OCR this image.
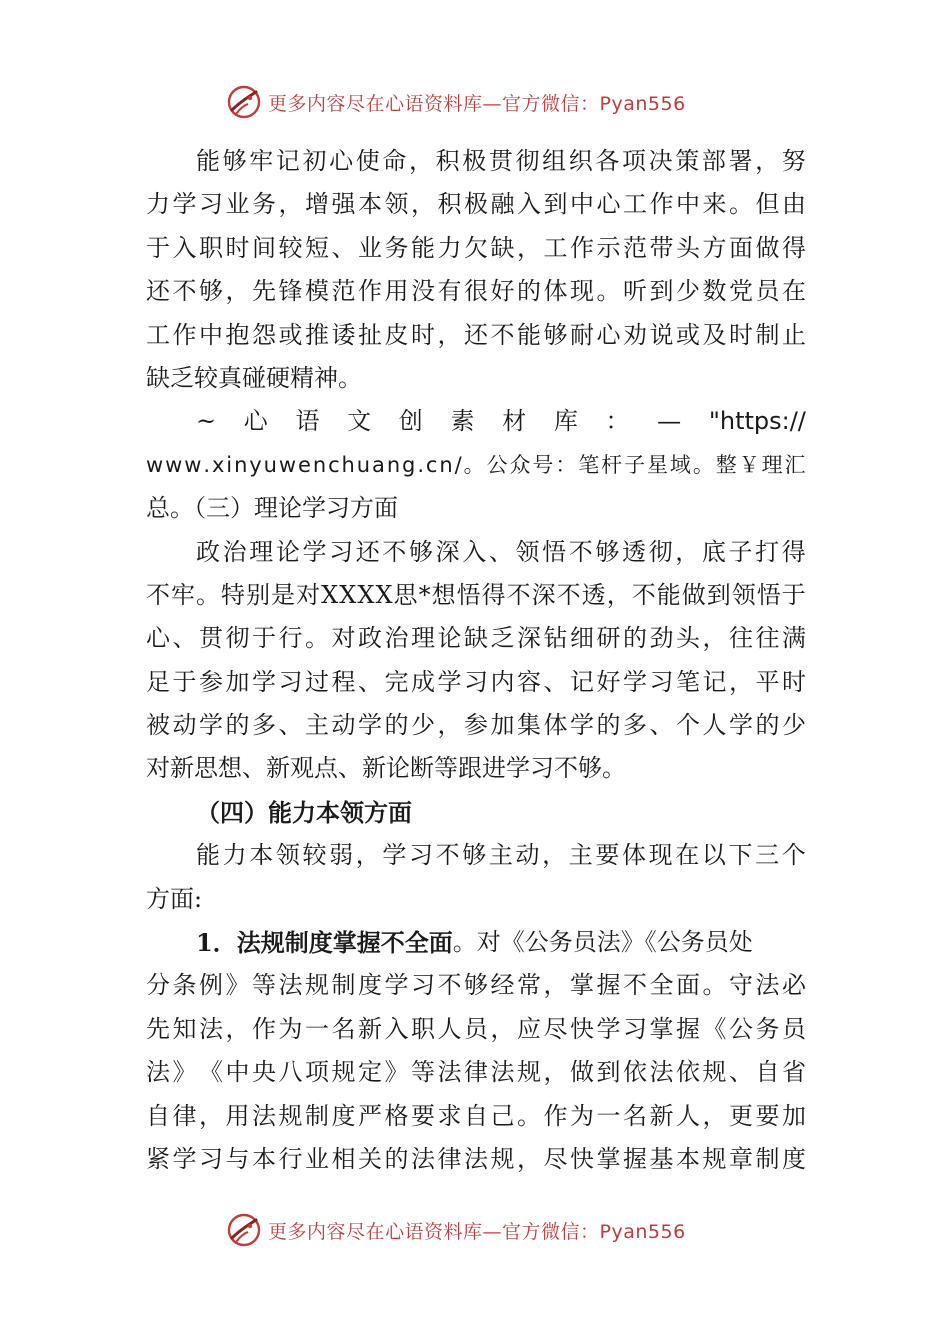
更多内容尽在心语资料库—官方微信：Pyan556
能 够 牢 记 初 心 使 命 ， 积 极 贯 彻 组 织 各 项 决 策 部 署 ， 努
力 学 习 业 务 ， 增 强 本 领 ， 积 极 融 入 到 中 心 工 作 中 来 。 但 由
于 入 职 时 间 较 短 、 业 务 能 力 欠 缺 ， 工 作 示 范 带 头 方 面 做 得
还 不 够 ， 先 锋 模 范 作 用 没 有 很 好 的 体 现 。 听 到 少 数 党 员 在
工 作 中 抱 怨 或 推 诿 扯 皮 时 ， 还 不 能 够 耐 心 劝 说 或 及 时 制 止
缺乏较真碰硬精神。
~ 心 语 文 创 素 材 库 ： — "https://
w w w . x i n y u w e n c h u a n g . c n / 。 公 众 号 ： 笔 杆 子 星 域 。 整 ￥ 理 汇
总。（三）理论学习方面
政 治 理 论 学 习 还 不 够 深 入 、 领 悟 不 够 透 彻 ， 底 子 打 得
不 牢 。 特 别 是 对 X X X X 思 * 想 悟 得 不 深 不 透 ， 不 能 做 到 领 悟 于
心 、 贯 彻 于 行 。 对 政 治 理 论 缺 乏 深 钻 细 研 的 劲 头 ， 往 往 满
足 于 参 加 学 习 过 程 、 完 成 学 习 内 容 、 记 好 学 习 笔 记 ， 平 时
被 动 学 的 多 、 主 动 学 的 少 ， 参 加 集 体 学 的 多 、 个 人 学 的 少
对新思想、新观点、新论断等跟进学习不够。
（四）能力本领方面
能 力 本 领 较 弱 ， 学 习 不 够 主 动 ， 主 要 体 现 在 以 下 三 个
方面:
1．法规制度掌握不全面 。对《公务员法》《公务员处
分 条 例 》 等 法 规 制 度 学 习 不 够 经 常 ， 掌 握 不 全 面 。 守 法 必
先 知 法 ， 作 为 一 名 新 入 职 人 员 ， 应 尽 快 学 习 掌 握 《 公 务 员
法 》 《 中 央 八 项 规 定 》 等 法 律 法 规 ， 做 到 依 法 依 规 、 自 省
自 律 ， 用 法 规 制 度 严 格 要 求 自 己 。 作 为 一 名 新 人 ， 更 要 加
紧 学 习 与 本 行 业 相 关 的 法 律 法 规 ， 尽 快 掌 握 基 本 规 章 制 度
更多内容尽在心语资料库—官方微信：Pyan556
